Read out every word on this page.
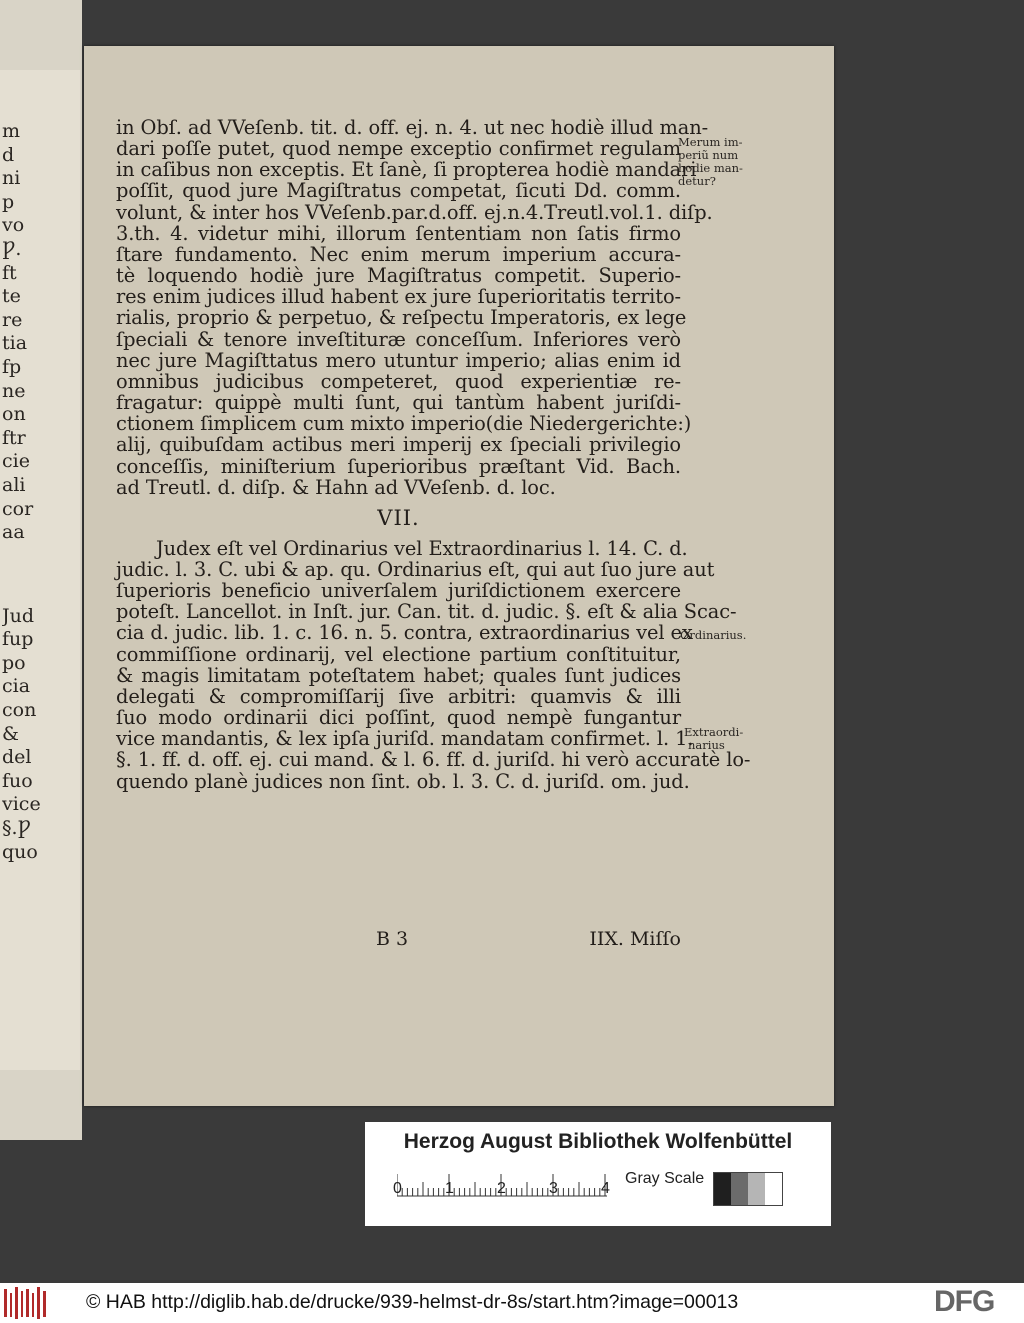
m
d
ni
p
vo
Ƿ.
ft
te
re
tia
fp
ne
on
ftr
cie
ali
cor
aa
Jud
fup
po
cia
con
&
del
fuo
vice
§.Ƿ
quo
Merum im-
periũ num
hodie man-
detur?
Ordinarius.
Extraordi-
narius
in Obſ. ad VVeſenb. tit. d. off. ej. n. 4. ut nec hodiè illud man-
dari poſſe putet, quod nempe exceptio confirmet regulam
in caſibus non exceptis. Et ſanè, ſi propterea hodiè mandari
poſſit, quod jure Magiſtratus competat, ſicuti Dd. comm.
volunt, & inter hos VVeſenb.par.d.off. ej.n.4.Treutl.vol.1. diſp.
3.th. 4. videtur mihi, illorum ſententiam non ſatis firmo
ſtare fundamento. Nec enim merum imperium accura-
tè loquendo hodiè jure Magiſtratus competit. Superio-
res enim judices illud habent ex jure ſuperioritatis territo-
rialis, proprio & perpetuo, & reſpectu Imperatoris, ex lege
ſpeciali & tenore inveſtituræ conceſſum. Inferiores verò
nec jure Magiſttatus mero utuntur imperio; alias enim id
omnibus judicibus competeret, quod experientiæ re-
fragatur: quippè multi ſunt, qui tantùm habent juriſdi-
ctionem ſimplicem cum mixto imperio(die Niedergerichte:)
alij, quibuſdam actibus meri imperij ex ſpeciali privilegio
conceſſis, miniſterium ſuperioribus præſtant Vid. Bach.
ad Treutl. d. diſp. & Hahn ad VVeſenb. d. loc.
VII.
Judex eſt vel Ordinarius vel Extraordinarius l. 14. C. d.
judic. l. 3. C. ubi & ap. qu. Ordinarius eſt, qui aut ſuo jure aut
ſuperioris beneficio univerſalem juriſdictionem exercere
poteſt. Lancellot. in Inſt. jur. Can. tit. d. judic. §. eſt & alia Scac-
cia d. judic. lib. 1. c. 16. n. 5. contra, extraordinarius vel ex
commiſſione ordinarij, vel electione partium conſtituitur,
& magis limitatam poteſtatem habet; quales ſunt judices
delegati & compromiſſarij ſive arbitri: quamvis & illi
ſuo modo ordinarii dici poſſint, quod nempè fungantur
vice mandantis, & lex ipſa juriſd. mandatam confirmet. l. 1.
§. 1. ff. d. off. ej. cui mand. & l. 6. ff. d. juriſd. hi verò accuratè lo-
quendo planè judices non ſint. ob. l. 3. C. d. juriſd. om. jud.
B 3	IIX. Miſſo
Herzog August Bibliothek Wolfenbüttel
0	1	2	3	4
Gray Scale
© HAB http://diglib.hab.de/drucke/939-helmst-dr-8s/start.htm?image=00013	DFG
